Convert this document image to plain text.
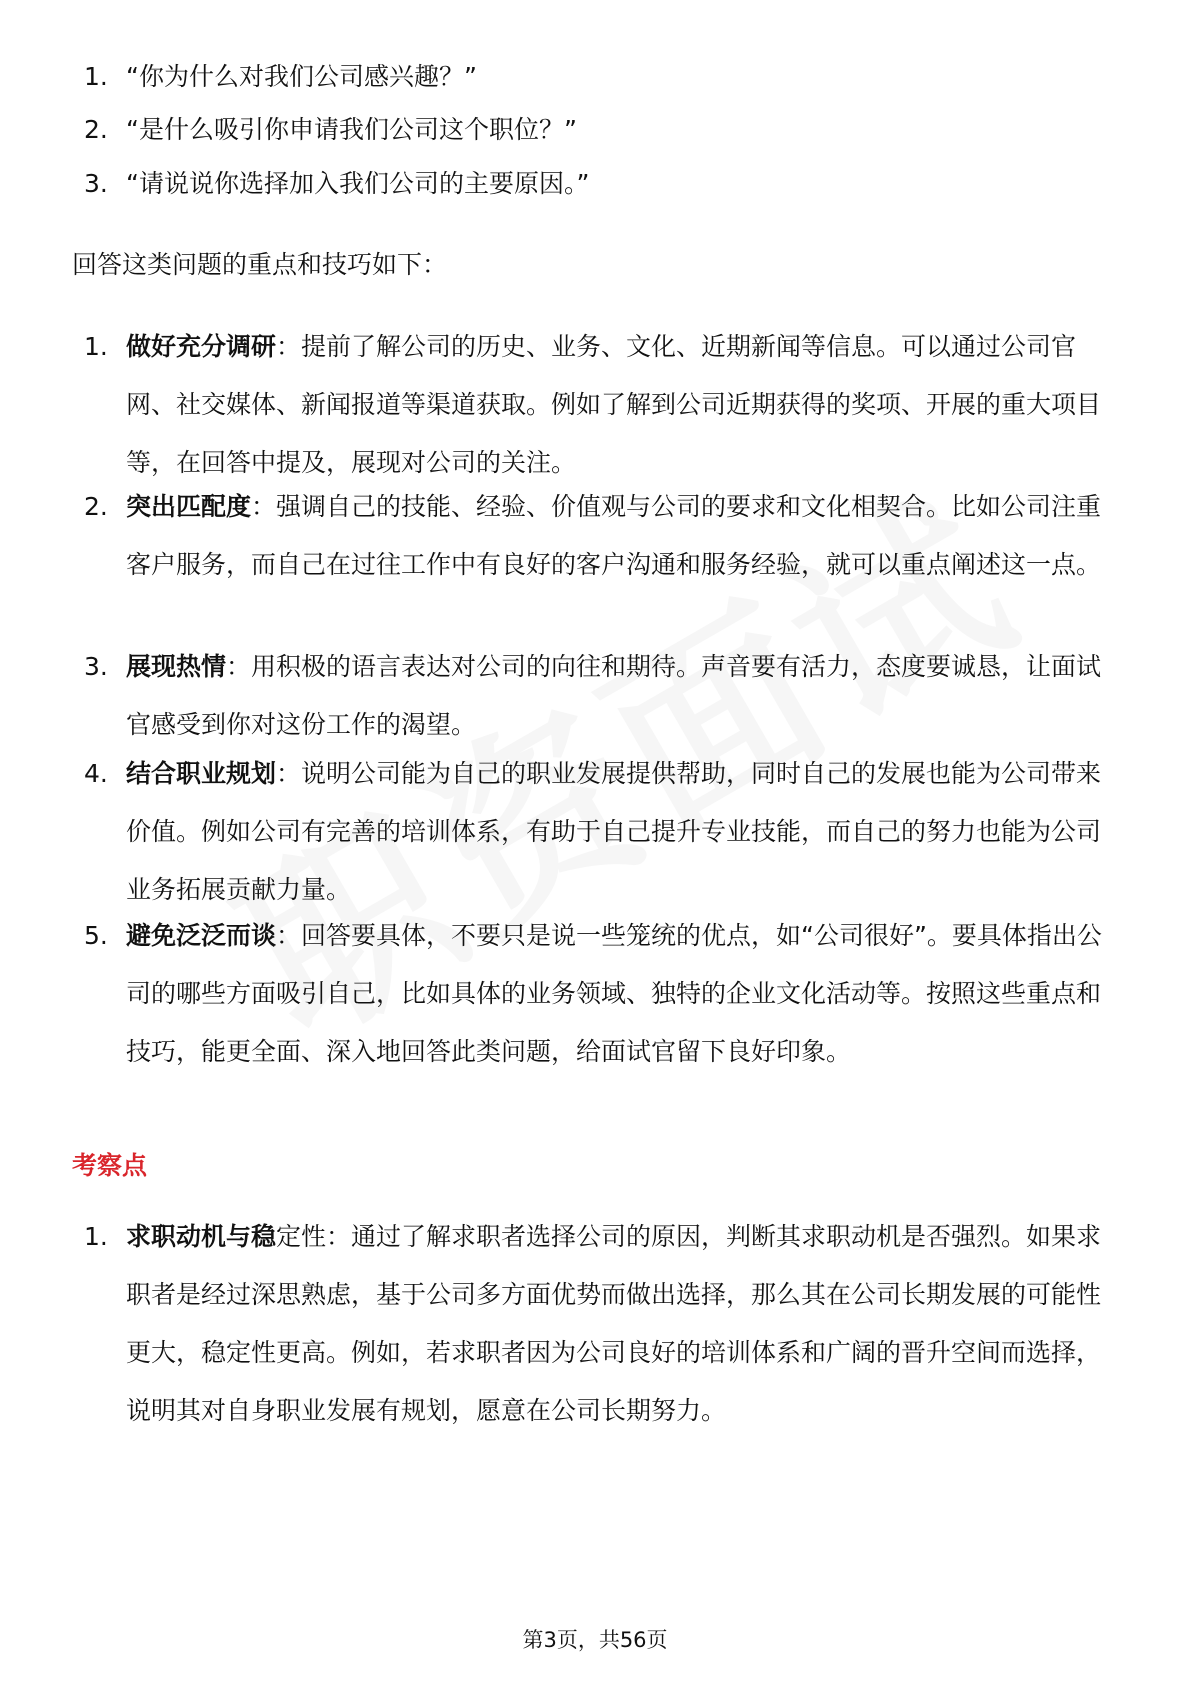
1. “你为什么对我们公司感兴趣？”

2. “是什么吸引你申请我们公司这个职位？”

3. “请说说你选择加入我们公司的主要原因。”

回答这类问题的重点和技巧如下：

1. 做好充分调研：提前了解公司的历史、业务、文化、近期新闻等信息。可以通过公司官网、社交媒体、新闻报道等渠道获取。例如了解到公司近期获得的奖项、开展的重大项目等，在回答中提及，展现对公司的关注。

2. 突出匹配度：强调自己的技能、经验、价值观与公司的要求和文化相契合。比如公司注重客户服务，而自己在过往工作中有良好的客户沟通和服务经验，就可以重点阐述这一点。

3. 展现热情：用积极的语言表达对公司的向往和期待。声音要有活力，态度要诚恳，让面试官感受到你对这份工作的渴望。

4. 结合职业规划：说明公司能为自己的职业发展提供帮助，同时自己的发展也能为公司带来价值。例如公司有完善的培训体系，有助于自己提升专业技能，而自己的努力也能为公司业务拓展贡献力量。

5. 避免泛泛而谈：回答要具体，不要只是说一些笼统的优点，如“公司很好”。要具体指出公司的哪些方面吸引自己，比如具体的业务领域、独特的企业文化活动等。按照这些重点和技巧，能更全面、深入地回答此类问题，给面试官留下良好印象。

考察点
1. 求职动机与稳定性：通过了解求职者选择公司的原因，判断其求职动机是否强烈。如果求职者是经过深思熟虑，基于公司多方面优势而做出选择，那么其在公司长期发展的可能性更大，稳定性更高。例如，若求职者因为公司良好的培训体系和广阔的晋升空间而选择，说明其对自身职业发展有规划，愿意在公司长期努力。

第3页，共56页
